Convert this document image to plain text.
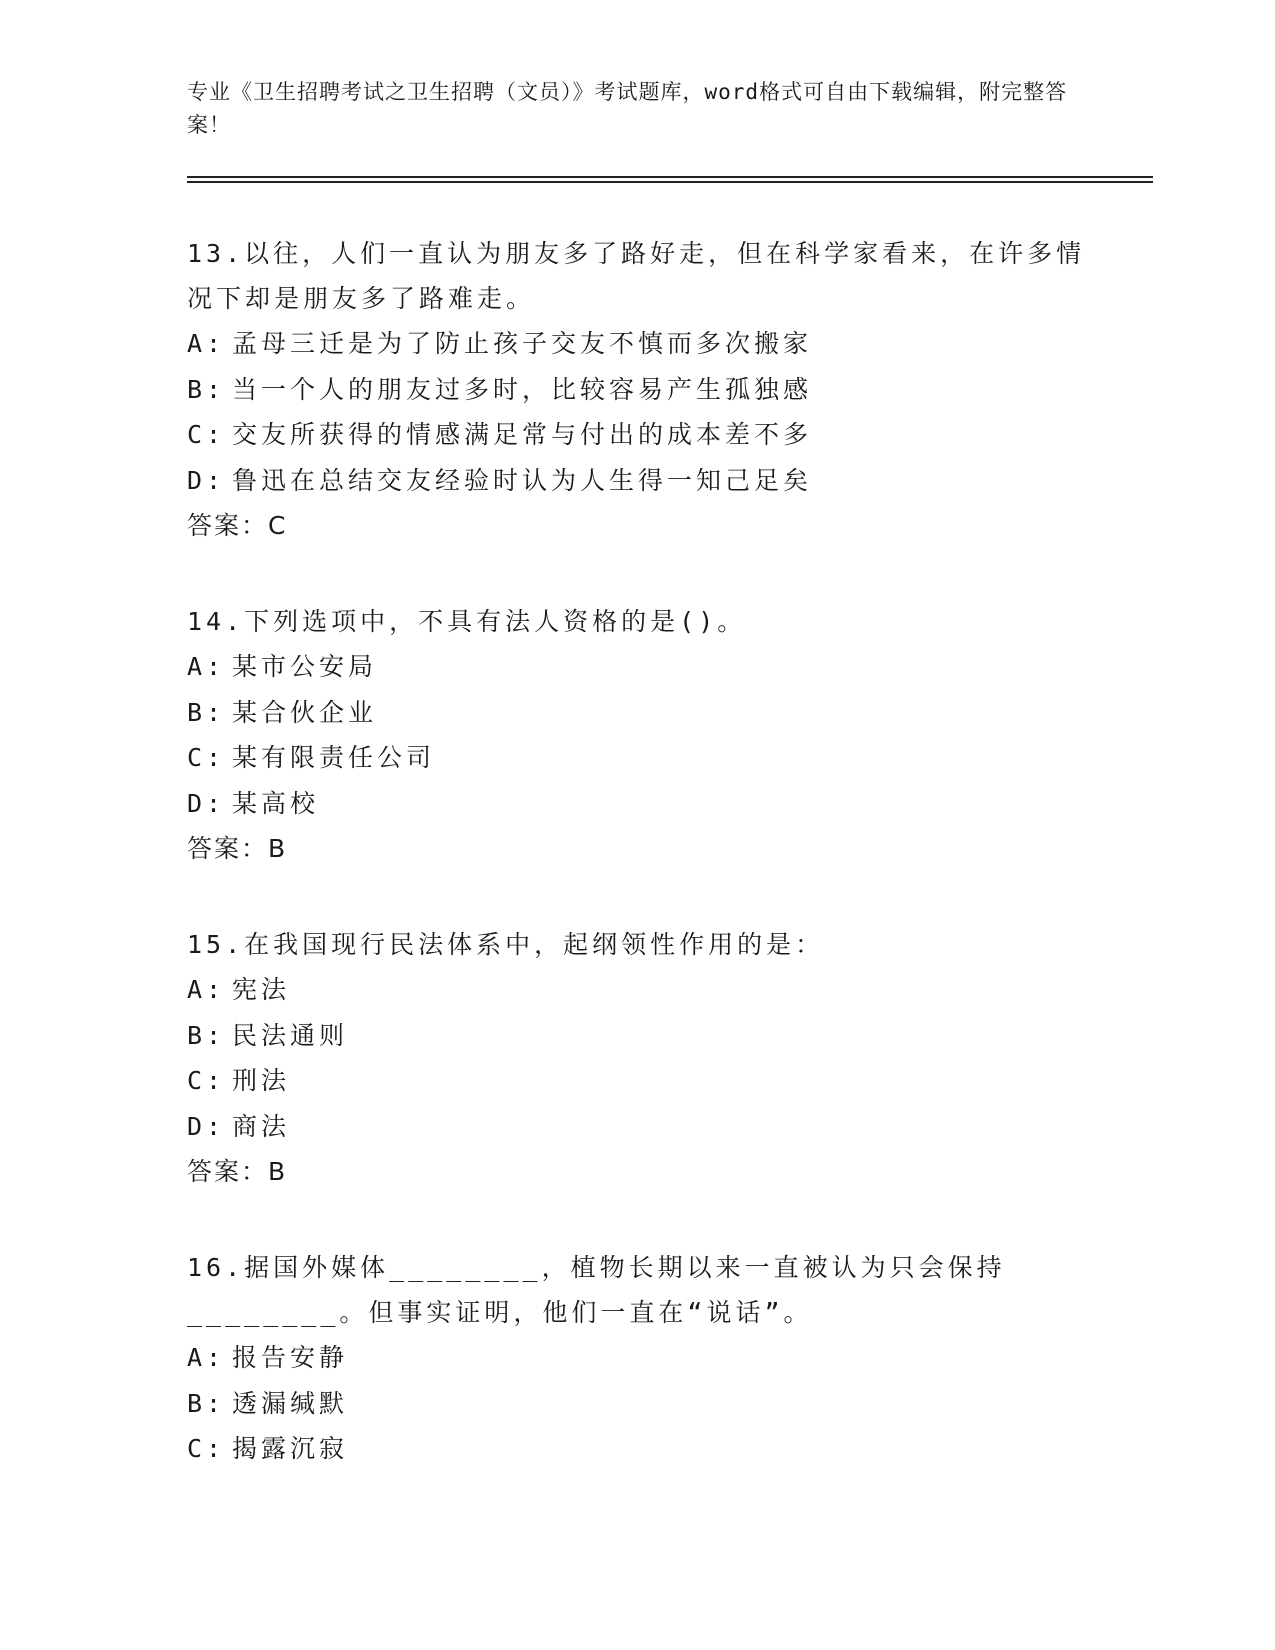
专业《卫生招聘考试之卫生招聘（文员）》考试题库，word格式可自由下载编辑，附完整答案！
13.以往，人们一直认为朋友多了路好走，但在科学家看来，在许多情况下却是朋友多了路难走。
A: 孟母三迁是为了防止孩子交友不慎而多次搬家
B: 当一个人的朋友过多时，比较容易产生孤独感
C: 交友所获得的情感满足常与付出的成本差不多
D: 鲁迅在总结交友经验时认为人生得一知己足矣
答案：C
14.下列选项中，不具有法人资格的是()。
A: 某市公安局
B: 某合伙企业
C: 某有限责任公司
D: 某高校
答案：B
15.在我国现行民法体系中，起纲领性作用的是：
A: 宪法
B: 民法通则
C: 刑法
D: 商法
答案：B
16.据国外媒体________，植物长期以来一直被认为只会保持________。但事实证明，他们一直在“说话”。
A: 报告安静
B: 透漏缄默
C: 揭露沉寂
